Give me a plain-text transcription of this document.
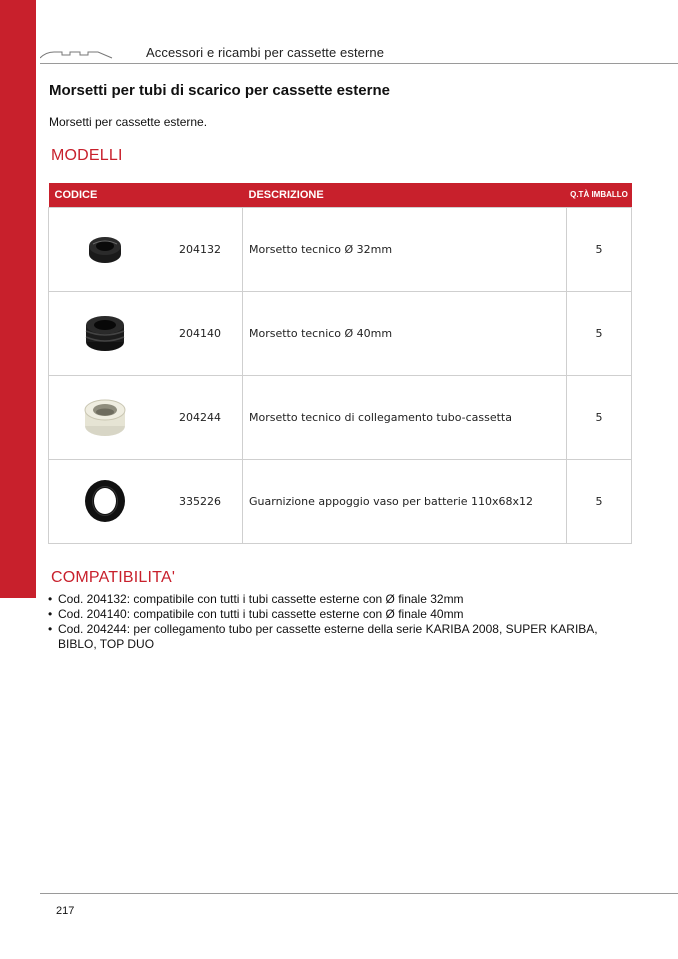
Accessori e ricambi per cassette esterne
Morsetti per tubi di scarico per cassette esterne
Morsetti per cassette esterne.
MODELLI
CODICE		DESCRIZIONE	Q.TÀ IMBALLO

	204132	Morsetto tecnico Ø 32mm	5

	204140	Morsetto tecnico Ø 40mm	5

	204244	Morsetto tecnico di collegamento tubo-cassetta	5

	335226	Guarnizione appoggio vaso per batterie 110x68x12	5
COMPATIBILITA'
• Cod. 204132: compatibile con tutti i tubi cassette esterne con Ø finale 32mm
• Cod. 204140: compatibile con tutti i tubi cassette esterne con Ø finale 40mm
• Cod. 204244: per collegamento tubo per cassette esterne della serie KARIBA 2008, SUPER KARIBA, BIBLO, TOP DUO
217
